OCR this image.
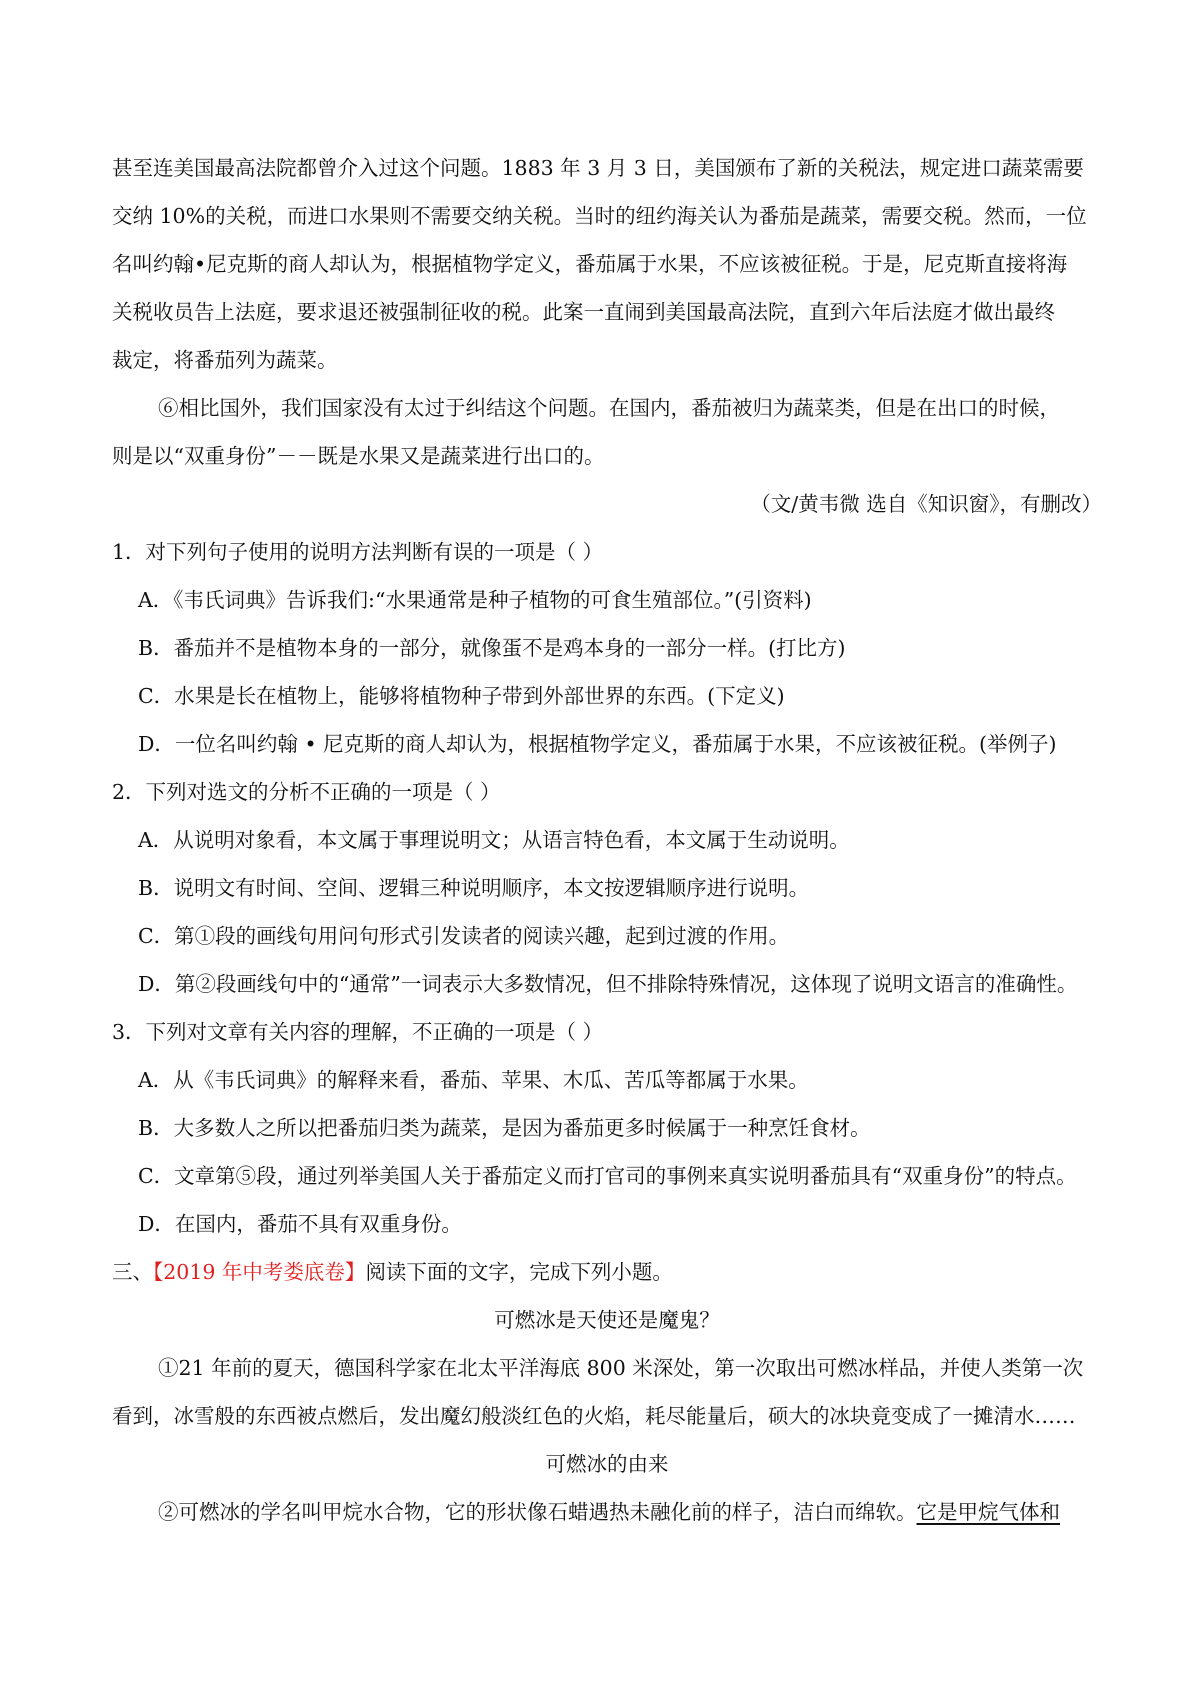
甚至连美国最高法院都曾介入过这个问题。1883 年 3 月 3 日，美国颁布了新的关税法，规定进口蔬菜需要
交纳 10%的关税，而进口水果则不需要交纳关税。当时的纽约海关认为番茄是蔬菜，需要交税。然而，一位
名叫约翰•尼克斯的商人却认为，根据植物学定义，番茄属于水果，不应该被征税。于是，尼克斯直接将海
关税收员告上法庭，要求退还被强制征收的税。此案一直闹到美国最高法院，直到六年后法庭才做出最终
裁定，将番茄列为蔬菜。
⑥相比国外，我们国家没有太过于纠结这个问题。在国内，番茄被归为蔬菜类，但是在出口的时候，
则是以“双重身份”－－既是水果又是蔬菜进行出口的。
（文/黄韦微 选自《知识窗》，有删改）
1．对下列句子使用的说明方法判断有误的一项是（ ）
A．《韦氏词典》告诉我们:“水果通常是种子植物的可食生殖部位。”(引资料)
B．番茄并不是植物本身的一部分，就像蛋不是鸡本身的一部分一样。(打比方)
C．水果是长在植物上，能够将植物种子带到外部世界的东西。(下定义)
D．一位名叫约翰 • 尼克斯的商人却认为，根据植物学定义，番茄属于水果，不应该被征税。(举例子)
2．下列对选文的分析不正确的一项是（ ）
A．从说明对象看，本文属于事理说明文；从语言特色看，本文属于生动说明。
B．说明文有时间、空间、逻辑三种说明顺序，本文按逻辑顺序进行说明。
C．第①段的画线句用问句形式引发读者的阅读兴趣，起到过渡的作用。
D．第②段画线句中的“通常”一词表示大多数情况，但不排除特殊情况，这体现了说明文语言的准确性。
3．下列对文章有关内容的理解，不正确的一项是（ ）
A．从《韦氏词典》的解释来看，番茄、苹果、木瓜、苦瓜等都属于水果。
B．大多数人之所以把番茄归类为蔬菜，是因为番茄更多时候属于一种烹饪食材。
C．文章第⑤段，通过列举美国人关于番茄定义而打官司的事例来真实说明番茄具有“双重身份”的特点。
D．在国内，番茄不具有双重身份。
三、【2019 年中考娄底卷】阅读下面的文字，完成下列小题。
可燃冰是天使还是魔鬼？
①21 年前的夏天，德国科学家在北太平洋海底 800 米深处，第一次取出可燃冰样品，并使人类第一次
看到，冰雪般的东西被点燃后，发出魔幻般淡红色的火焰，耗尽能量后，硕大的冰块竟变成了一摊清水……
可燃冰的由来
②可燃冰的学名叫甲烷水合物，它的形状像石蜡遇热未融化前的样子，洁白而绵软。它是甲烷气体和
